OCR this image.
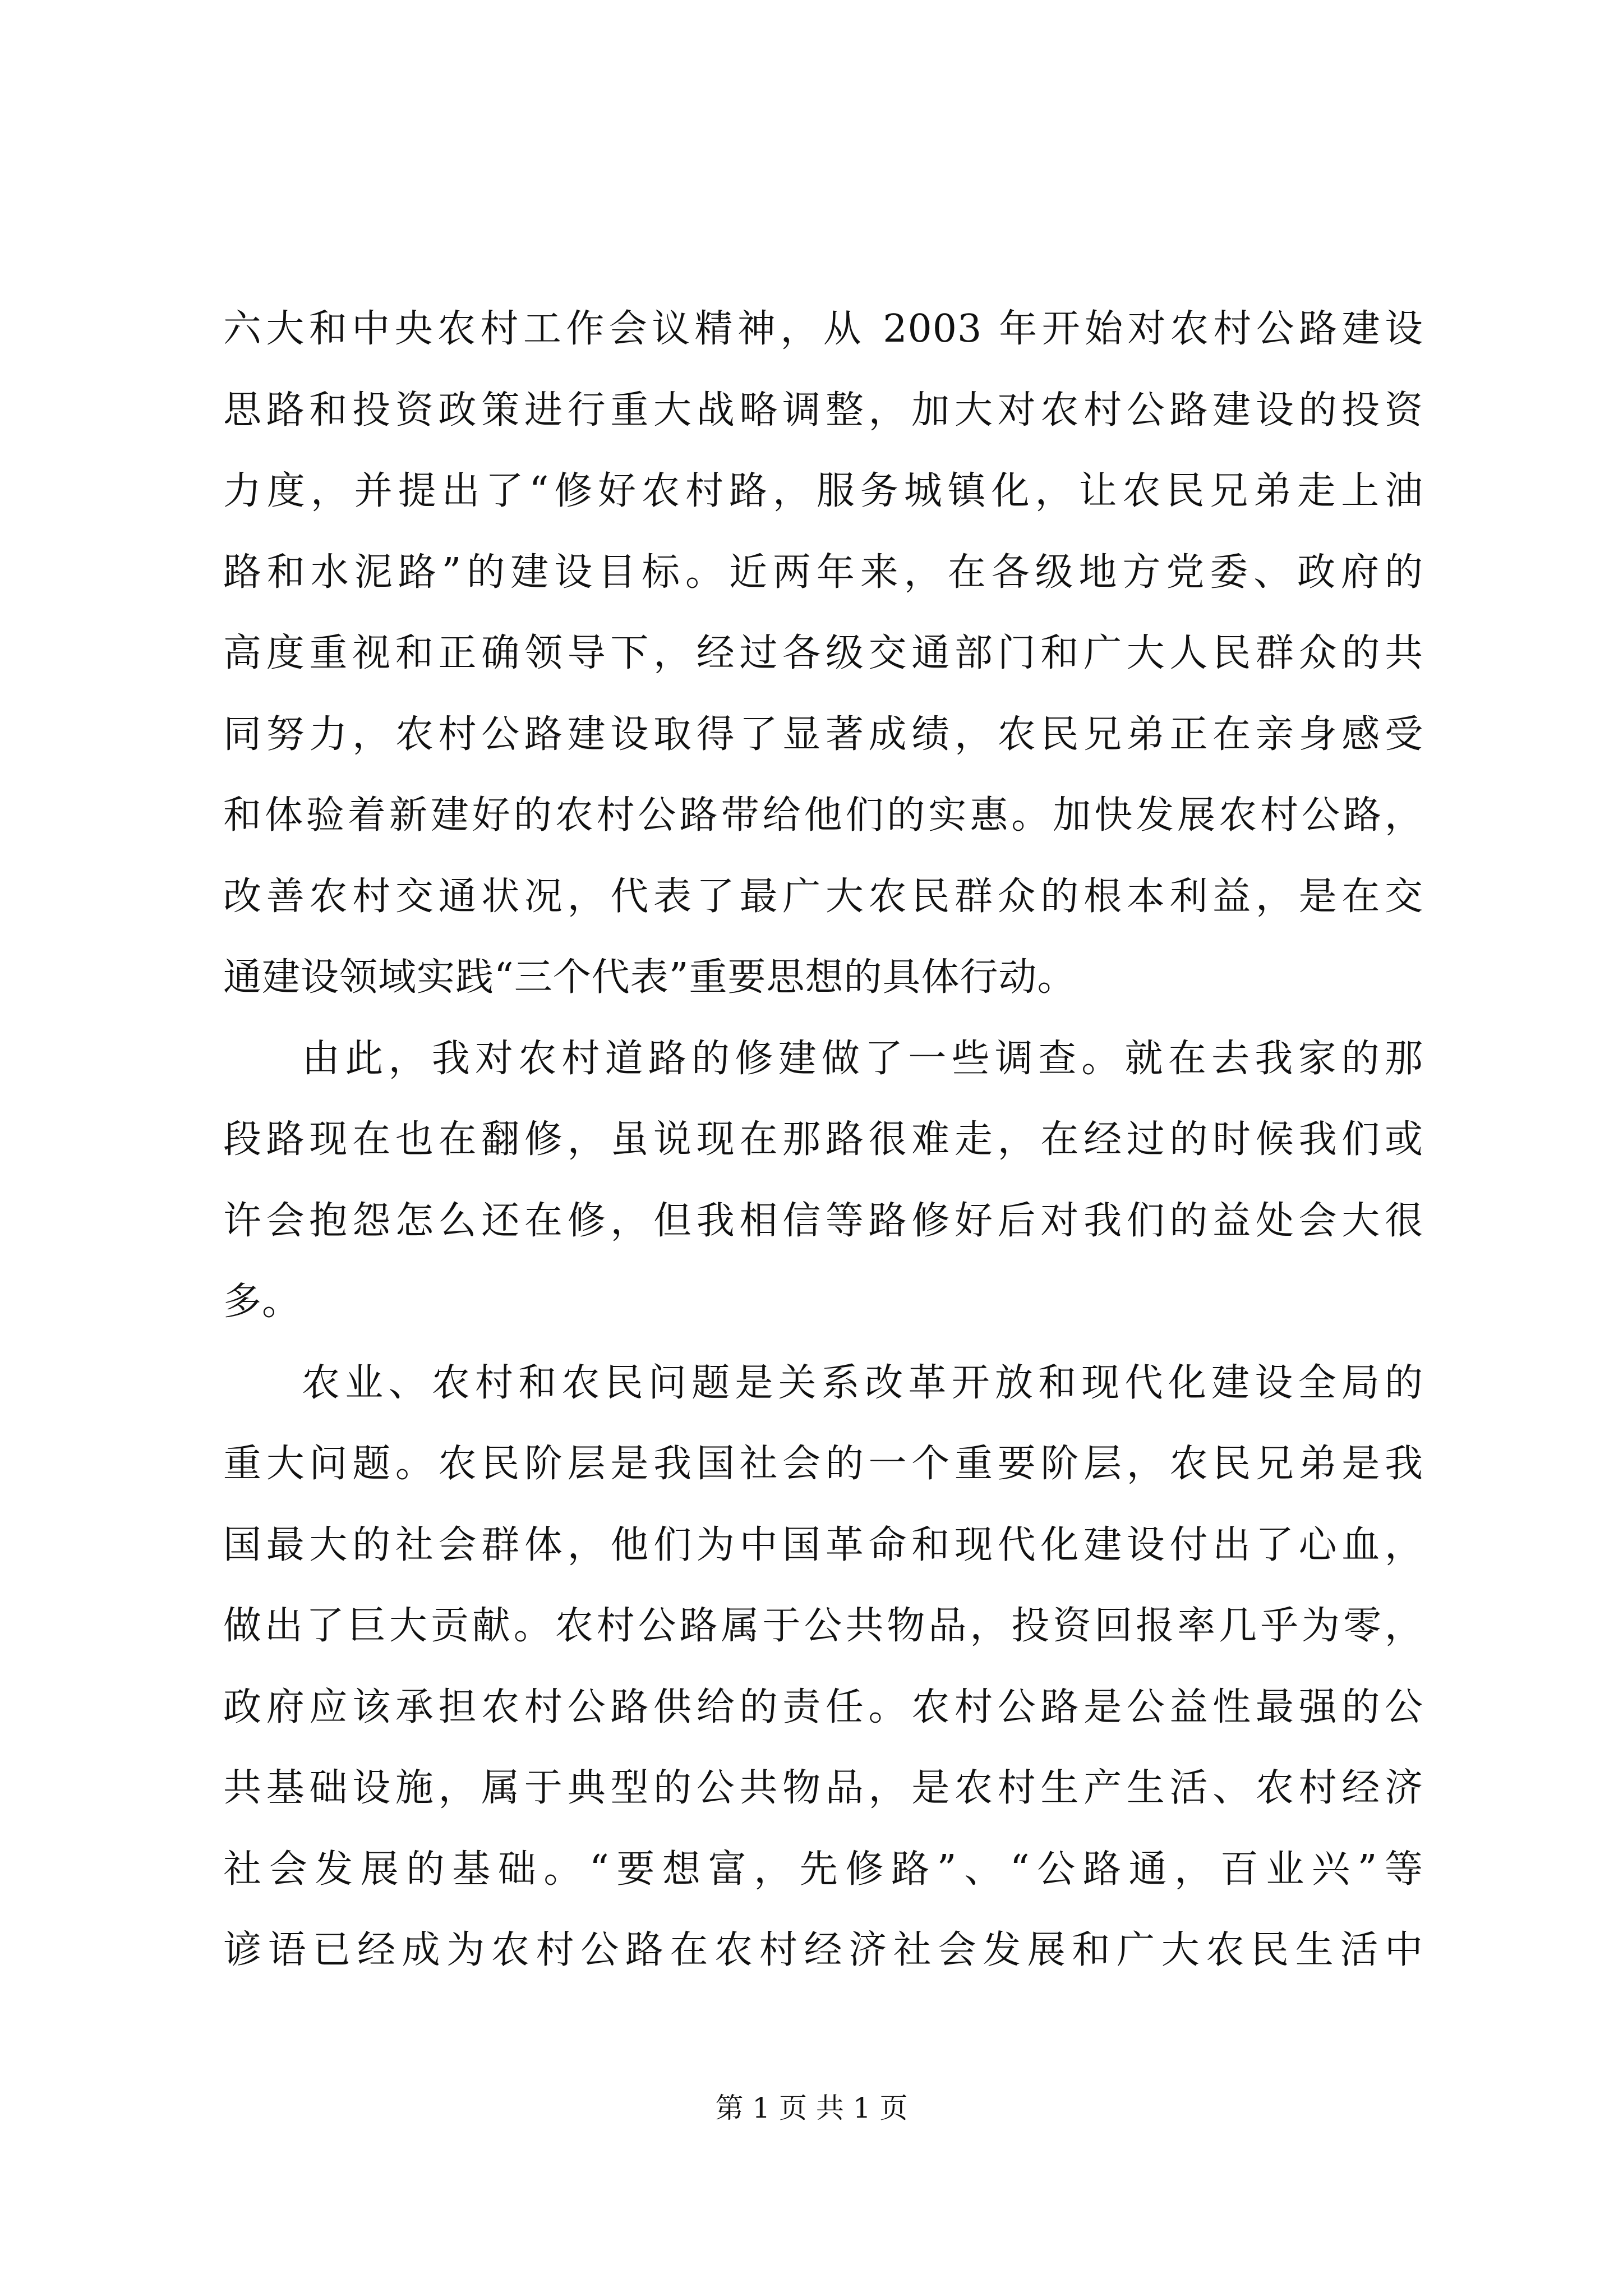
六大和中央农村工作会议精神，从 2003 年开始对农村公路建设
思路和投资政策进行重大战略调整，加大对农村公路建设的投资
力度，并提出了“修好农村路，服务城镇化，让农民兄弟走上油
路和水泥路”的建设目标。近两年来，在各级地方党委、政府的
高度重视和正确领导下，经过各级交通部门和广大人民群众的共
同努力，农村公路建设取得了显著成绩，农民兄弟正在亲身感受
和体验着新建好的农村公路带给他们的实惠。加快发展农村公路，
改善农村交通状况，代表了最广大农民群众的根本利益，是在交
通建设领域实践“三个代表”重要思想的具体行动。
由此，我对农村道路的修建做了一些调查。就在去我家的那
段路现在也在翻修，虽说现在那路很难走，在经过的时候我们或
许会抱怨怎么还在修，但我相信等路修好后对我们的益处会大很
多。
农业、农村和农民问题是关系改革开放和现代化建设全局的
重大问题。农民阶层是我国社会的一个重要阶层，农民兄弟是我
国最大的社会群体，他们为中国革命和现代化建设付出了心血，
做出了巨大贡献。农村公路属于公共物品，投资回报率几乎为零，
政府应该承担农村公路供给的责任。农村公路是公益性最强的公
共基础设施，属于典型的公共物品，是农村生产生活、农村经济
社会发展的基础。“要想富，先修路”、“公路通，百业兴”等
谚语已经成为农村公路在农村经济社会发展和广大农民生活中
第 1 页 共 1 页
